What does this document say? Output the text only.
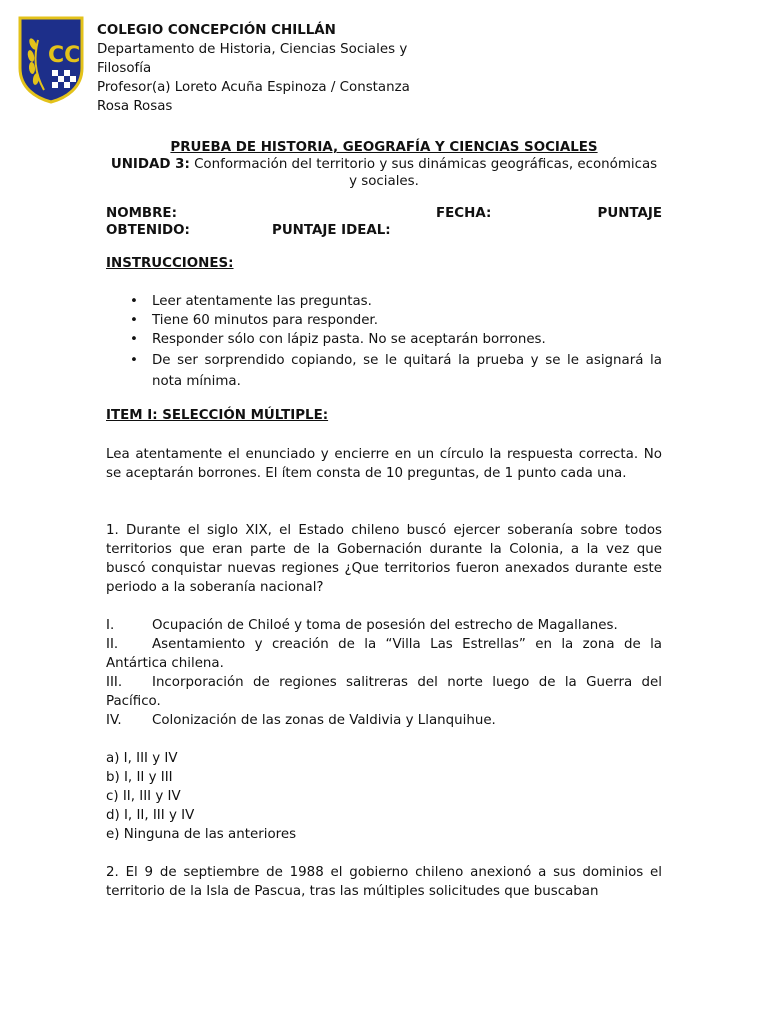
CC
COLEGIO CONCEPCIÓN CHILLÁN
Departamento de Historia, Ciencias Sociales y Filosofía
Profesor(a) Loreto Acuña Espinoza / Constanza Rosa Rosas
PRUEBA DE HISTORIA, GEOGRAFÍA Y CIENCIAS SOCIALES
UNIDAD 3: Conformación del territorio y sus dinámicas geográficas, económicas y sociales.
NOMBRE:	FECHA:	PUNTAJE
OBTENIDO:	PUNTAJE IDEAL:
INSTRUCCIONES:
• Leer atentamente las preguntas.
• Tiene 60 minutos para responder.
• Responder sólo con lápiz pasta. No se aceptarán borrones.
• De ser sorprendido copiando, se le quitará la prueba y se le asignará la nota mínima.
ITEM I: SELECCIÓN MÚLTIPLE:
Lea atentamente el enunciado y encierre en un círculo la respuesta correcta. No se aceptarán borrones. El ítem consta de 10 preguntas, de 1 punto cada una.
1. Durante el siglo XIX, el Estado chileno buscó ejercer soberanía sobre todos territorios que eran parte de la Gobernación durante la Colonia, a la vez que buscó conquistar nuevas regiones ¿Que territorios fueron anexados durante este periodo a la soberanía nacional?
I.	Ocupación de Chiloé y toma de posesión del estrecho de Magallanes.
II.	Asentamiento y creación de la “Villa Las Estrellas” en la zona de la Antártica chilena.
III. Incorporación de regiones salitreras del norte luego de la Guerra del Pacífico.
IV. Colonización de las zonas de Valdivia y Llanquihue.
a) I, III y IV
b) I, II y III
c) II, III y IV
d) I, II, III y IV
e) Ninguna de las anteriores
2. El 9 de septiembre de 1988 el gobierno chileno anexionó a sus dominios el territorio de la Isla de Pascua, tras las múltiples solicitudes que buscaban
